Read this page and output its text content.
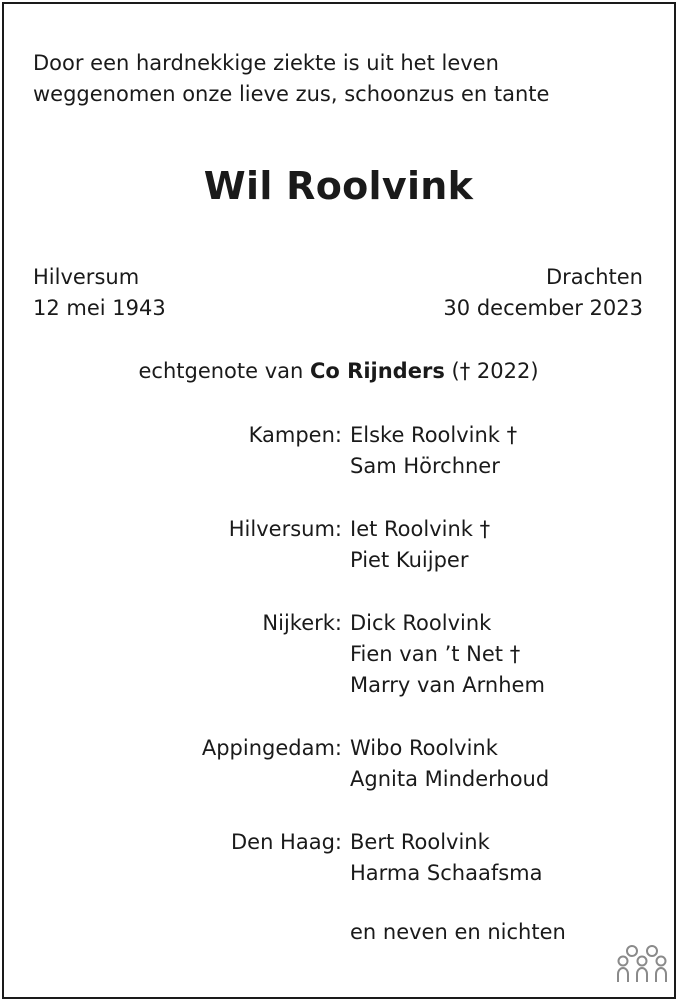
Door een hardnekkige ziekte is uit het leven
weggenomen onze lieve zus, schoonzus en tante
Wil Roolvink
Hilversum
12 mei 1943
Drachten
30 december 2023
echtgenote van Co Rijnders († 2022)
Kampen: Elske Roolvink †
Sam Hörchner
Hilversum: Iet Roolvink †
Piet Kuijper
Nijkerk: Dick Roolvink
Fien van ’t Net †
Marry van Arnhem
Appingedam: Wibo Roolvink
Agnita Minderhoud
Den Haag: Bert Roolvink
Harma Schaafsma
en neven en nichten
